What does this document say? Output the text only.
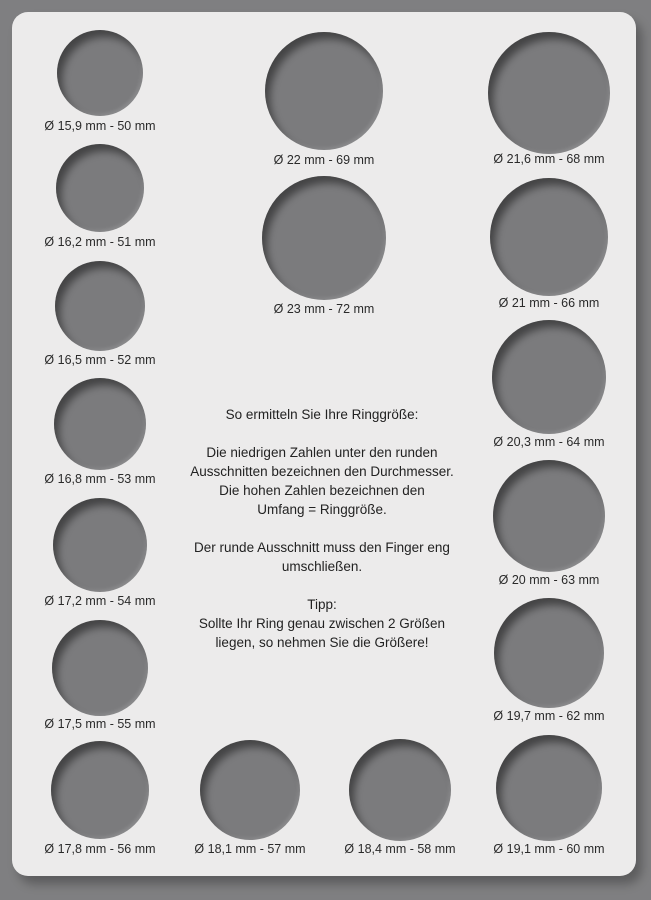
Ø 15,9 mm - 50 mm
Ø 16,2 mm - 51 mm
Ø 16,5 mm - 52 mm
Ø 16,8 mm - 53 mm
Ø 17,2 mm - 54 mm
Ø 17,5 mm - 55 mm
Ø 17,8 mm - 56 mm	Ø 18,1 mm - 57 mm	Ø 18,4 mm - 58 mm	Ø 19,1 mm - 60 mm
Ø 19,7 mm - 62 mm
Ø 20 mm - 63 mm
Ø 20,3 mm - 64 mm
Ø 21 mm - 66 mm
Ø 21,6 mm - 68 mm
Ø 22 mm - 69 mm
Ø 23 mm - 72 mm

So ermitteln Sie Ihre Ringgröße:

Die niedrigen Zahlen unter den runden

Ausschnitten bezeichnen den Durchmesser.

Die hohen Zahlen bezeichnen den

Umfang = Ringgröße.

Der runde Ausschnitt muss den Finger eng

umschließen.

Tipp:

Sollte Ihr Ring genau zwischen 2 Größen

liegen, so nehmen Sie die Größere!
